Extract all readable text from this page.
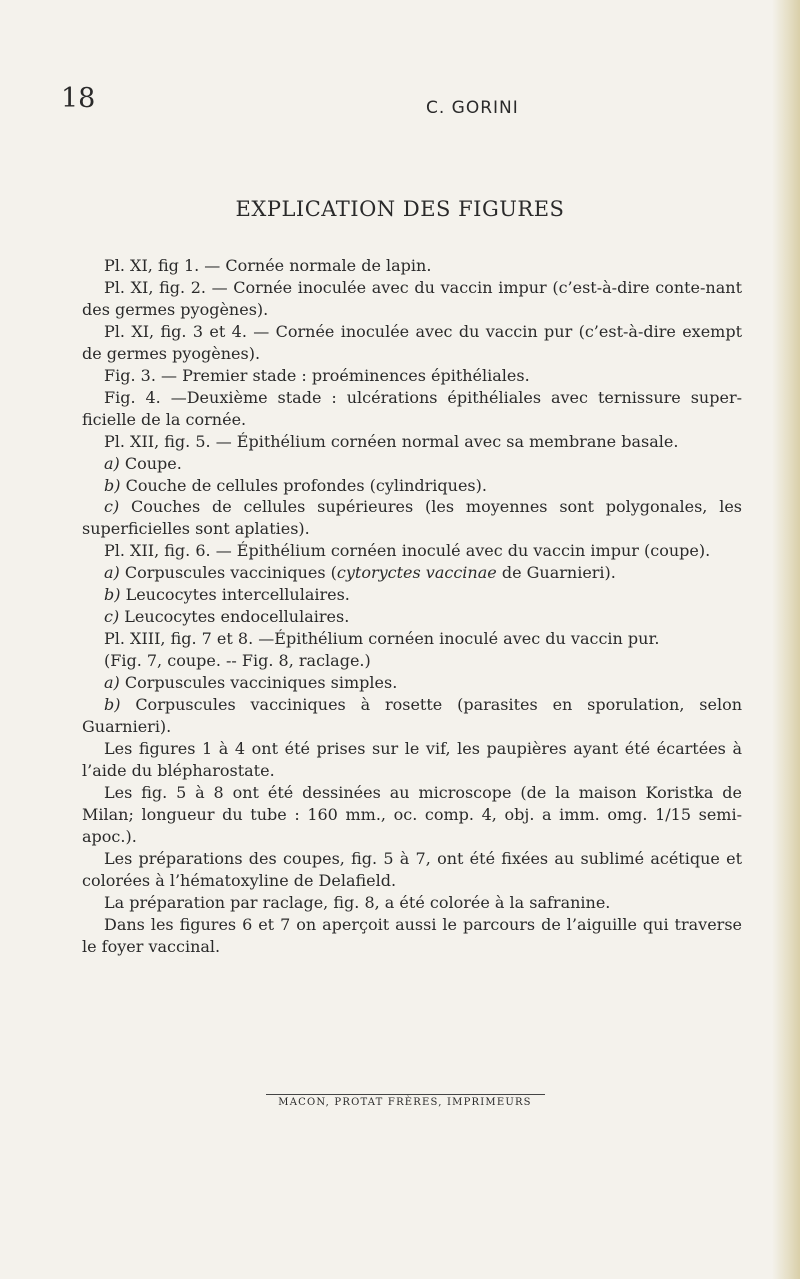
18	C. GORINI
EXPLICATION DES FIGURES

Pl. XI, fig 1. — Cornée normale de lapin.

Pl. XI, fig. 2. — Cornée inoculée avec du vaccin impur (c’est-à-dire conte-nant des germes pyogènes).

Pl. XI, fig. 3 et 4. — Cornée inoculée avec du vaccin pur (c’est-à-dire exempt de germes pyogènes).

Fig. 3. — Premier stade : proéminences épithéliales.

Fig. 4. —Deuxième stade : ulcérations épithéliales avec ternissure super-ficielle de la cornée.

Pl. XII, fig. 5. — Épithélium cornéen normal avec sa membrane basale.

a) Coupe.

b) Couche de cellules profondes (cylindriques).

c) Couches de cellules supérieures (les moyennes sont polygonales, les superficielles sont aplaties).

Pl. XII, fig. 6. — Épithélium cornéen inoculé avec du vaccin impur (coupe).

a) Corpuscules vacciniques (cytoryctes vaccinae de Guarnieri).

b) Leucocytes intercellulaires.

c) Leucocytes endocellulaires.

Pl. XIII, fig. 7 et 8. —Épithélium cornéen inoculé avec du vaccin pur.

(Fig. 7, coupe. -- Fig. 8, raclage.)

a) Corpuscules vacciniques simples.

b) Corpuscules vacciniques à rosette (parasites en sporulation, selon Guarnieri).

Les figures 1 à 4 ont été prises sur le vif, les paupières ayant été écartées à l’aide du blépharostate.

Les fig. 5 à 8 ont été dessinées au microscope (de la maison Koristka de Milan; longueur du tube : 160 mm., oc. comp. 4, obj. a imm. omg. 1/15 semi-apoc.).

Les préparations des coupes, fig. 5 à 7, ont été fixées au sublimé acétique et colorées à l’hématoxyline de Delafield.

La préparation par raclage, fig. 8, a été colorée à la safranine.

Dans les figures 6 et 7 on aperçoit aussi le parcours de l’aiguille qui traverse le foyer vaccinal.

MACON, PROTAT FRÈRES, IMPRIMEURS
